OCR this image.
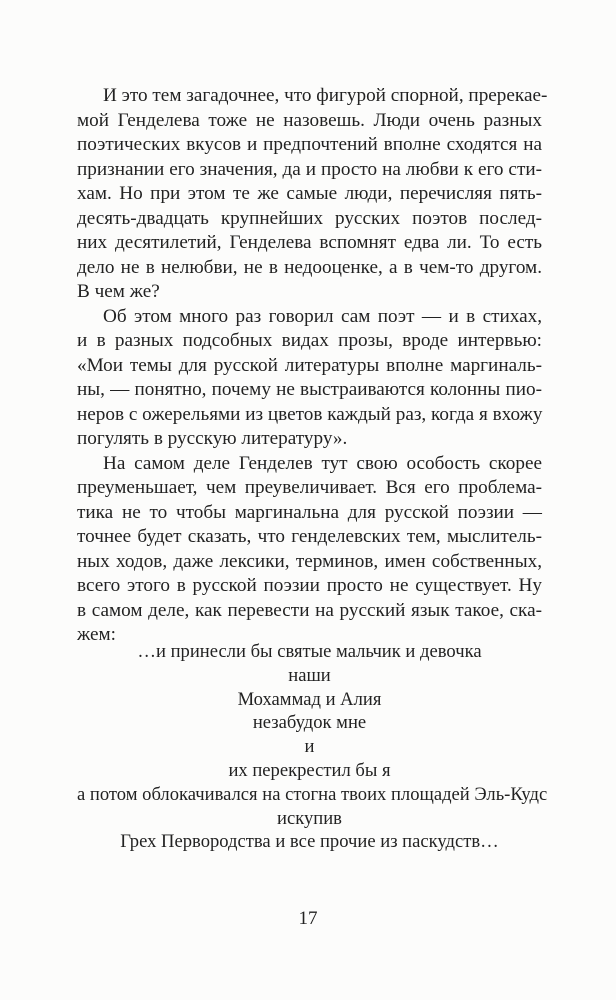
И это тем загадочнее, что фигурой спорной, пререкае-
мой Генделева тоже не назовешь. Люди очень разных
поэтических вкусов и предпочтений вполне сходятся на
признании его значения, да и просто на любви к его сти-
хам. Но при этом те же самые люди, перечисляя пять-
десять-двадцать крупнейших русских поэтов послед-
них десятилетий, Генделева вспомнят едва ли. То есть
дело не в нелюбви, не в недооценке, а в чем-то другом.
В чем же?

Об этом много раз говорил сам поэт — и в стихах,
и в разных подсобных видах прозы, вроде интервью:
«Мои темы для русской литературы вполне маргиналь-
ны, — понятно, почему не выстраиваются колонны пио-
неров с ожерельями из цветов каждый раз, когда я вхожу
погулять в русскую литературу».

На самом деле Генделев тут свою особость скорее
преуменьшает, чем преувеличивает. Вся его проблема-
тика не то чтобы маргинальна для русской поэзии —
точнее будет сказать, что генделевских тем, мыслитель-
ных ходов, даже лексики, терминов, имен собственных,
всего этого в русской поэзии просто не существует. Ну
в самом деле, как перевести на русский язык такое, ска-
жем:

…и принесли бы святые мальчик и девочка
наши
Мохаммад и Алия
незабудок мне
и
их перекрестил бы я
а потом облокачивался на стогна твоих площадей Эль-Кудс
искупив
Грех Первородства и все прочие из паскудств…
17
